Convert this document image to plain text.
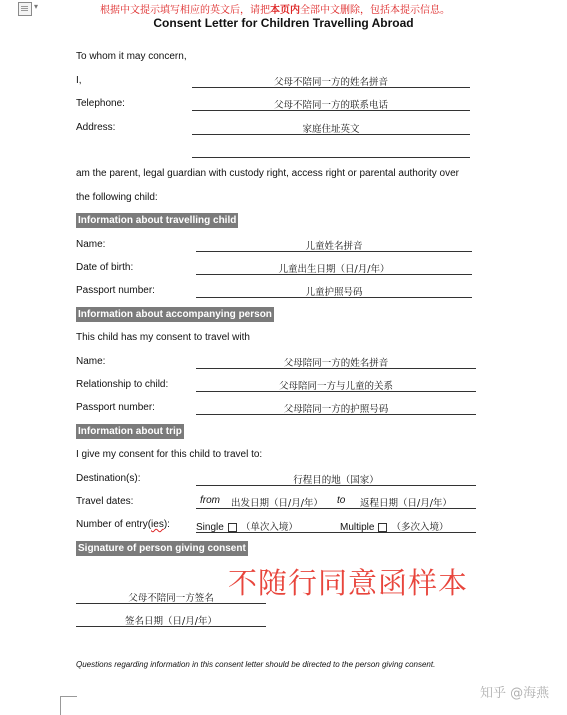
▾	根据中文提示填写相应的英文后，请把本页内全部中文删除，包括本提示信息。
Consent Letter for Children Travelling Abroad
To whom it may concern,
I,	父母不陪同一方的姓名拼音
Telephone:	父母不陪同一方的联系电话
Address:	家庭住址英文
am the parent, legal guardian with custody right, access right or parental authority over
the following child:
Information about travelling child
Name:	儿童姓名拼音
Date of birth:	儿童出生日期（日/月/年）
Passport number:	儿童护照号码
Information about accompanying person
This child has my consent to travel with
Name:	父母陪同一方的姓名拼音
Relationship to child:	父母陪同一方与儿童的关系
Passport number:	父母陪同一方的护照号码
Information about trip
I give my consent for this child to travel to:
Destination(s):	行程目的地（国家）
Travel dates:	from 出发日期（日/月/年） to 返程日期（日/月/年）
Number of entry(ies):	Single （单次入境）	Multiple （多次入境）
Signature of person giving consent
不随行同意函样本
父母不陪同一方签名
签名日期（日/月/年）
Questions regarding information in this consent letter should be directed to the person giving consent.
知乎 @海燕
